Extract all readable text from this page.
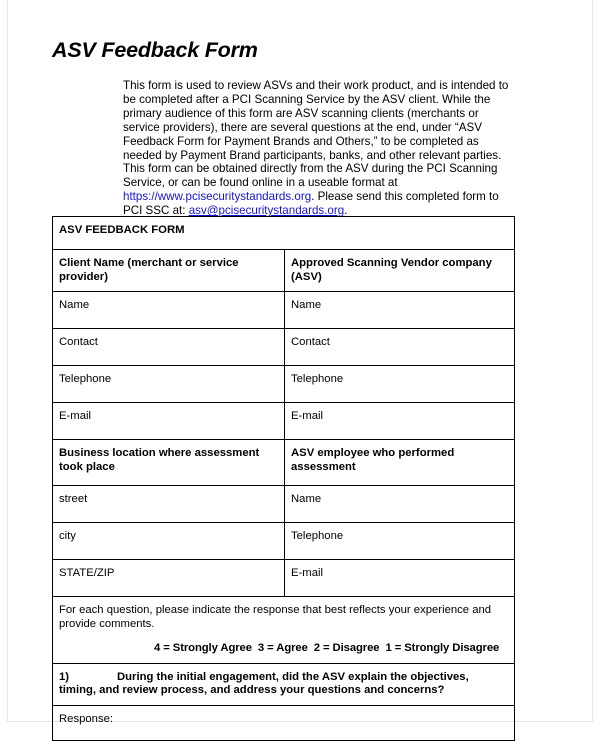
ASV Feedback Form

This form is used to review ASVs and their work product, and is intended to be completed after a PCI Scanning Service by the ASV client. While the primary audience of this form are ASV scanning clients (merchants or service providers), there are several questions at the end, under “ASV Feedback Form for Payment Brands and Others,” to be completed as needed by Payment Brand participants, banks, and other relevant parties. This form can be obtained directly from the ASV during the PCI Scanning Service, or can be found online in a useable format at https://www.pcisecuritystandards.org. Please send this completed form to PCI SSC at: asv@pcisecuritystandards.org.

ASV FEEDBACK FORM	
Client Name (merchant or service provider)	Approved Scanning Vendor company (ASV)
Name	Name
Contact	Contact
Telephone	Telephone
E-mail	E-mail
Business location where assessment took place	ASV employee who performed assessment
street	Name
city	Telephone
STATE/ZIP	E-mail

For each question, please indicate the response that best reflects your experience and provide comments.
4 = Strongly Agree 3 = Agree 2 = Disagree 1 = Strongly Disagree	

1) During the initial engagement, did the ASV explain the objectives, timing, and review process, and address your questions and concerns?	
Response:	
